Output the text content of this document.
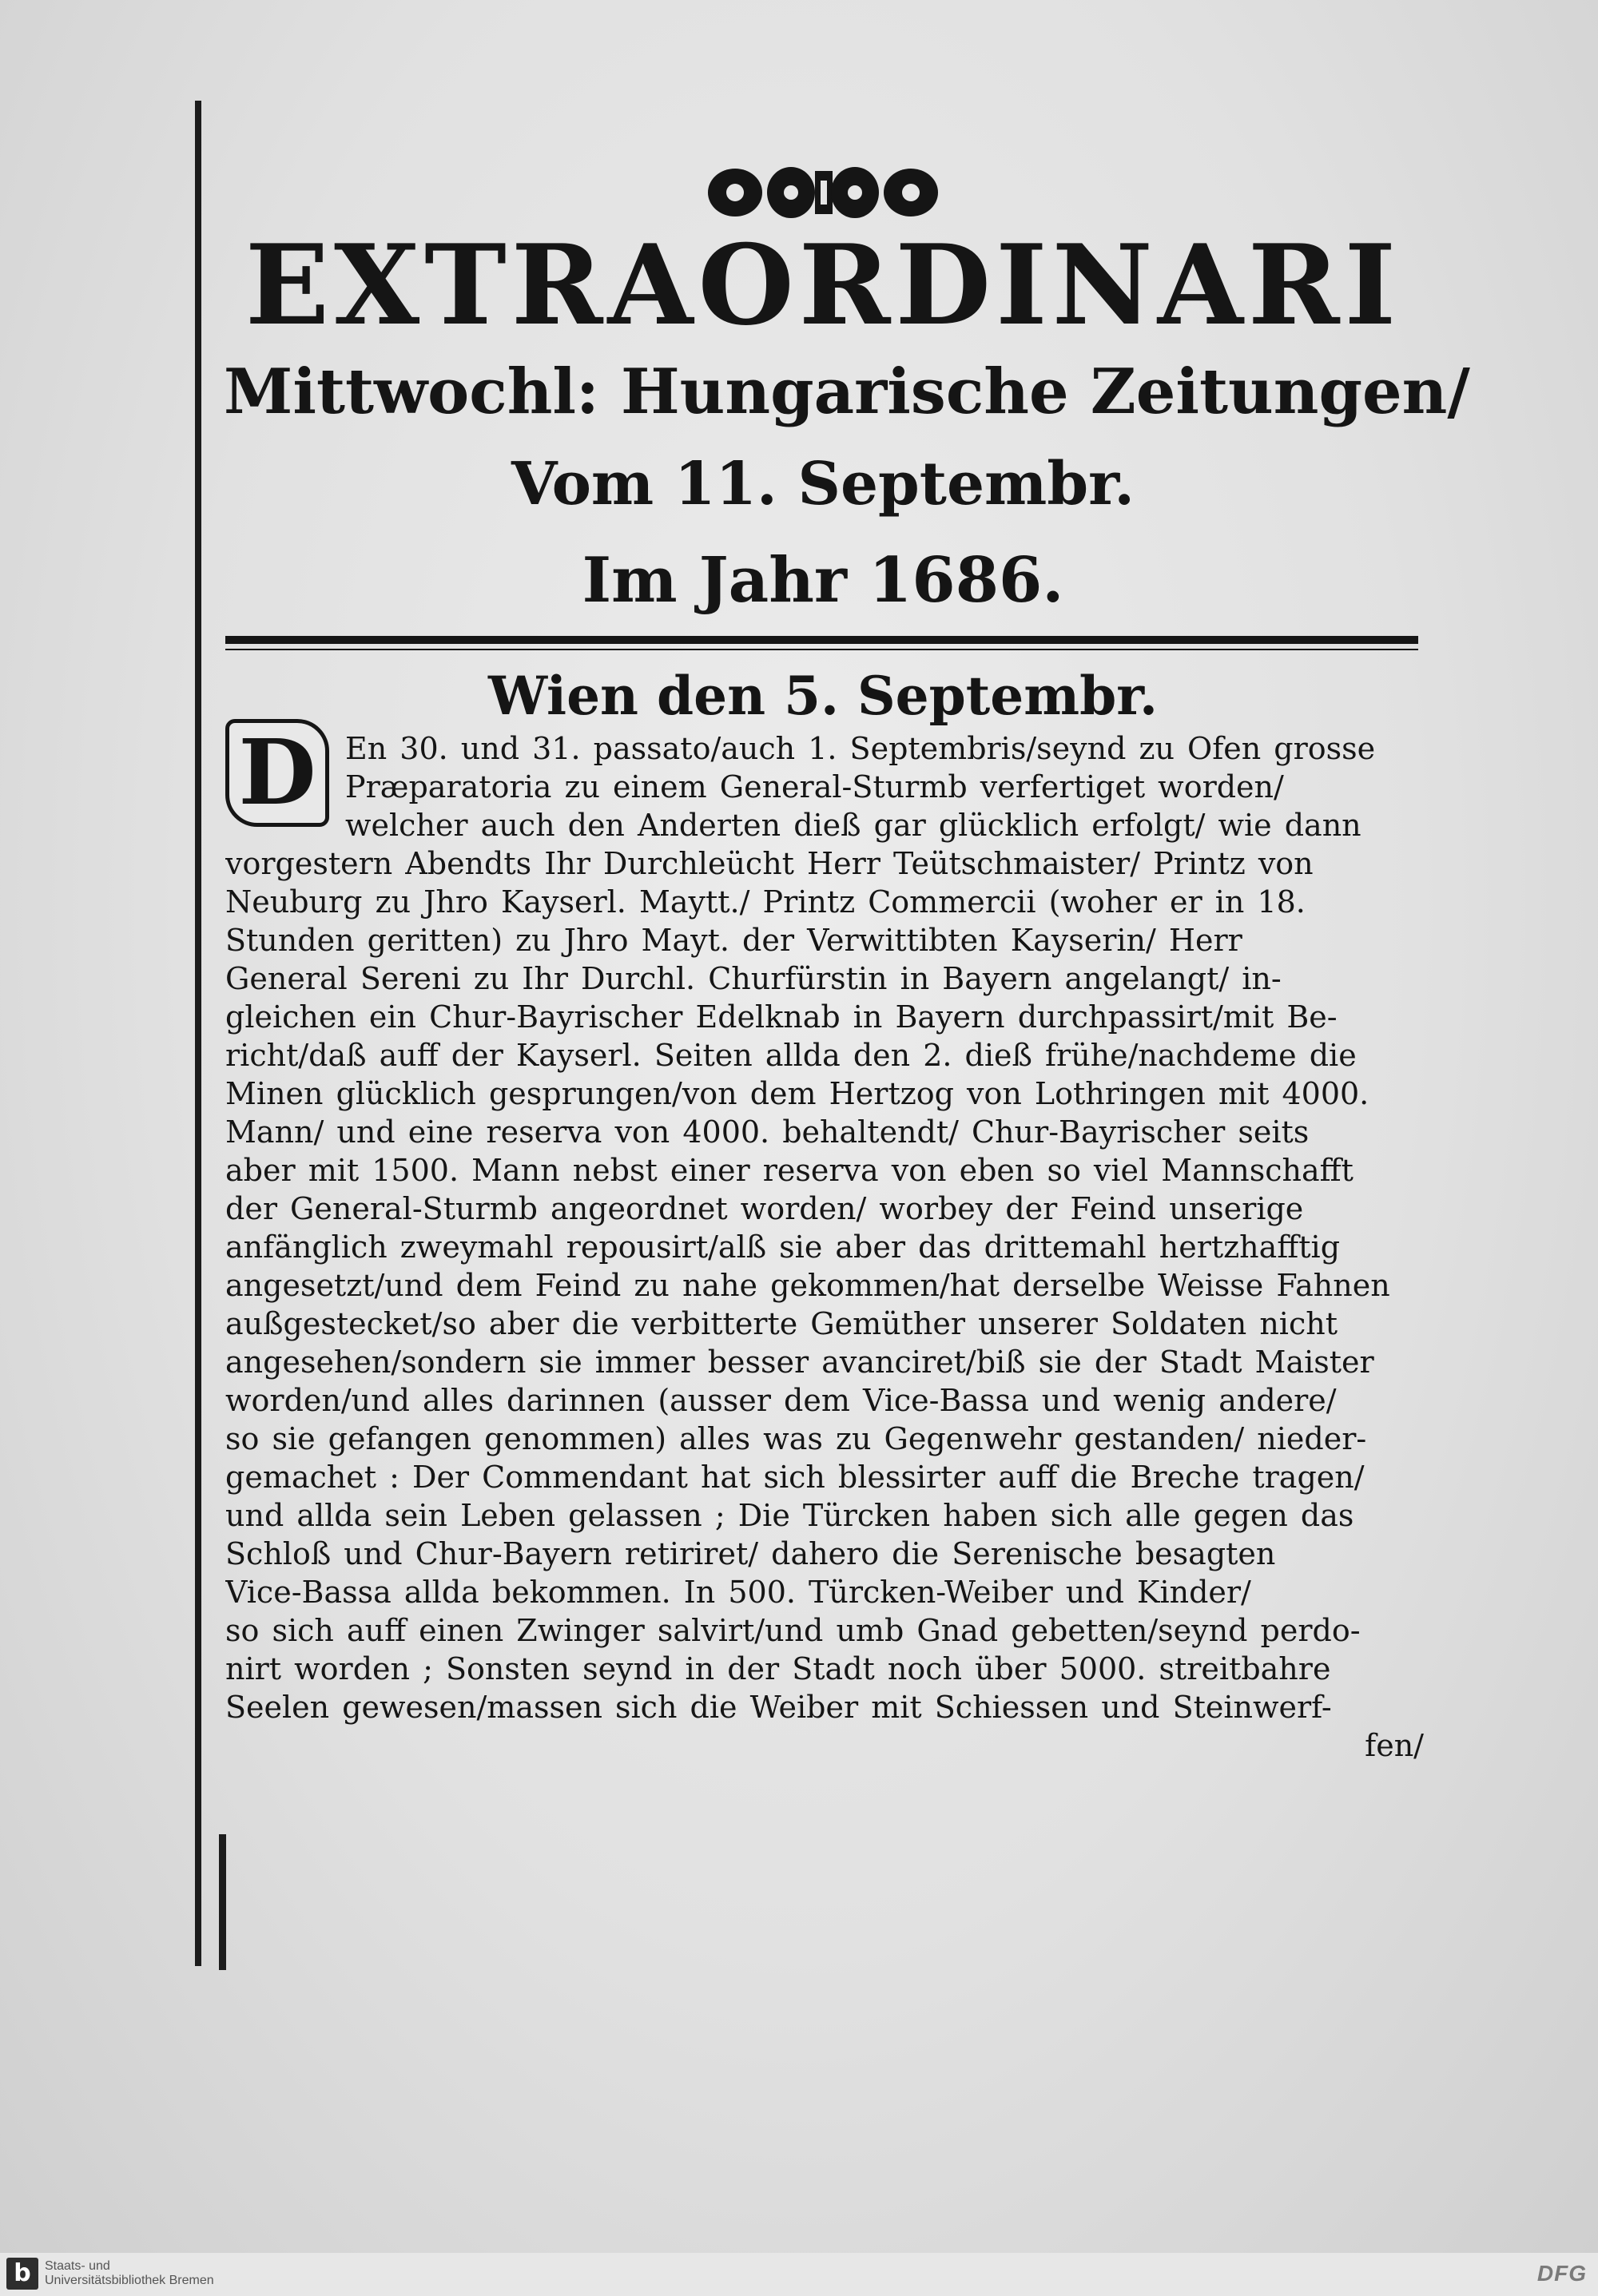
EXTRAORDINARI
Mittwochl: Hungarische Zeitungen/
Vom 11. Septembr.
Im Jahr 1686.
Wien den 5. Septembr.
En 30. und 31. passato/auch 1. Septembris/seynd zu Ofen grosse
Præparatoria zu einem General-Sturmb verfertiget worden/
welcher auch den Anderten dieß gar glücklich erfolgt/ wie dann
vorgestern Abendts Ihr Durchleücht Herr Teütschmaister/ Printz von
Neuburg zu Jhro Kayserl. Maytt./ Printz Commercii (woher er in 18.
Stunden geritten) zu Jhro Mayt. der Verwittibten Kayserin/ Herr
General Sereni zu Ihr Durchl. Churfürstin in Bayern angelangt/ in-
gleichen ein Chur-Bayrischer Edelknab in Bayern durchpassirt/mit Be-
richt/daß auff der Kayserl. Seiten allda den 2. dieß frühe/nachdeme die
Minen glücklich gesprungen/von dem Hertzog von Lothringen mit 4000.
Mann/ und eine reserva von 4000. behaltendt/ Chur-Bayrischer seits
aber mit 1500. Mann nebst einer reserva von eben so viel Mannschafft
der General-Sturmb angeordnet worden/ worbey der Feind unserige
anfänglich zweymahl repousirt/alß sie aber das drittemahl hertzhafftig
angesetzt/und dem Feind zu nahe gekommen/hat derselbe Weisse Fahnen
außgestecket/so aber die verbitterte Gemüther unserer Soldaten nicht
angesehen/sondern sie immer besser avanciret/biß sie der Stadt Maister
worden/und alles darinnen (ausser dem Vice-Bassa und wenig andere/
so sie gefangen genommen) alles was zu Gegenwehr gestanden/ nieder-
gemachet : Der Commendant hat sich blessirter auff die Breche tragen/
und allda sein Leben gelassen ; Die Türcken haben sich alle gegen das
Schloß und Chur-Bayern retiriret/ dahero die Serenische besagten
Vice-Bassa allda bekommen. In 500. Türcken-Weiber und Kinder/
so sich auff einen Zwinger salvirt/und umb Gnad gebetten/seynd perdo-
nirt worden ; Sonsten seynd in der Stadt noch über 5000. streitbahre
Seelen gewesen/massen sich die Weiber mit Schiessen und Steinwerf-
fen/
D
b	Staats- und
Universitätsbibliothek Bremen	DFG
